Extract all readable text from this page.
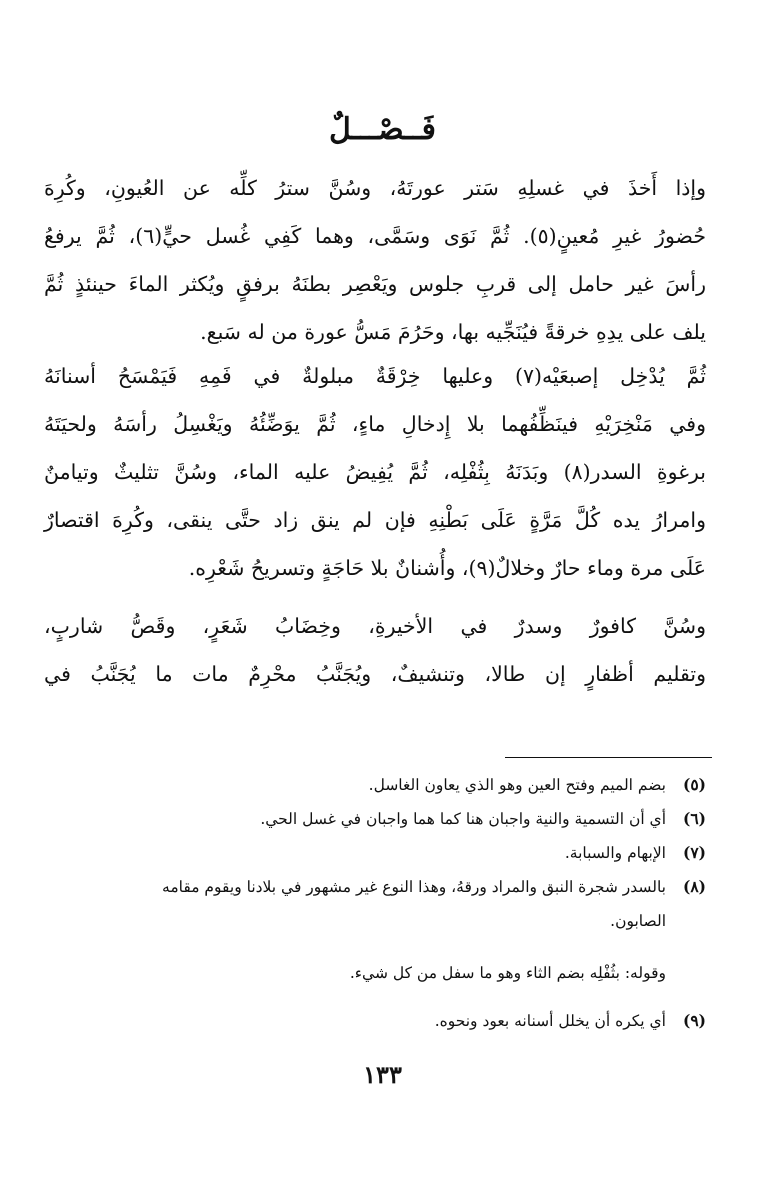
فَــصْـــلٌ
وإذا أَخذَ في غسلِهِ سَتر عورتَهُ، وسُنَّ سترُ كلِّه عن العُيونِ، وكُرِهَ
حُضورُ غيرِ مُعينٍ(٥). ثُمَّ نَوَى وسَمَّى، وهما كَفِي غُسل حيٍّ(٦)، ثُمَّ يرفعُ
رأسَ غير حامل إلى قربِ جلوس ويَعْصِر بطنَهُ برفقٍ ويُكثر الماءَ حينئذٍ ثُمَّ
يلف على يدِهِ خرقةً فيُنَجِّيه بها، وحَرُمَ مَسُّ عورة من له سَبع.
ثُمَّ يُدْخِل إصبعَيْه(٧) وعليها خِرْقَةٌ مبلولةٌ في فَمِهِ فَيَمْسَحُ أسنانَهُ
وفي مَنْخِرَيْهِ فينَظِّفُهما بلا إِدخالِ ماءٍ، ثُمَّ يوَضِّئُهُ ويَغْسِلُ رأسَهُ ولحيَتَهُ
برغوةِ السدر(٨) وبَدَنَهُ بِثُفْلِه، ثُمَّ يُفِيضُ عليه الماء، وسُنَّ تثليثٌ وتيامنٌ
وامرارُ يده كُلَّ مَرَّةٍ عَلَى بَطْنِهِ فإن لم ينق زاد حتَّى ينقى، وكُرِهَ اقتصارٌ
عَلَى مرة وماء حارٌ وخلالٌ(٩)، وأُشنانٌ بلا حَاجَةٍ وتسريحُ شَعْرِه.
وسُنَّ كافورٌ وسدرٌ في الأخيرةِ، وخِضَابُ شَعَرٍ، وقَصُّ شاربٍ،
وتقليم أظفارٍ إن طالا، وتنشيفٌ، ويُجَنَّبُ محْرِمٌ مات ما يُجَنَّبُ في
(٥)
بضم الميم وفتح العين وهو الذي يعاون الغاسل.
(٦)
أي أن التسمية والنية واجبان هنا كما هما واجبان في غسل الحي.
(٧)
الإبهام والسبابة.
(٨)
بالسدر شجرة النبق والمراد ورقهُ، وهذا النوع غير مشهور في بلادنا ويقوم مقامه
الصابون.
وقوله: بثُفْلِه بضم الثاء وهو ما سفل من كل شيء.
(٩)
أي يكره أن يخلل أسنانه بعود ونحوه.
١٣٣
